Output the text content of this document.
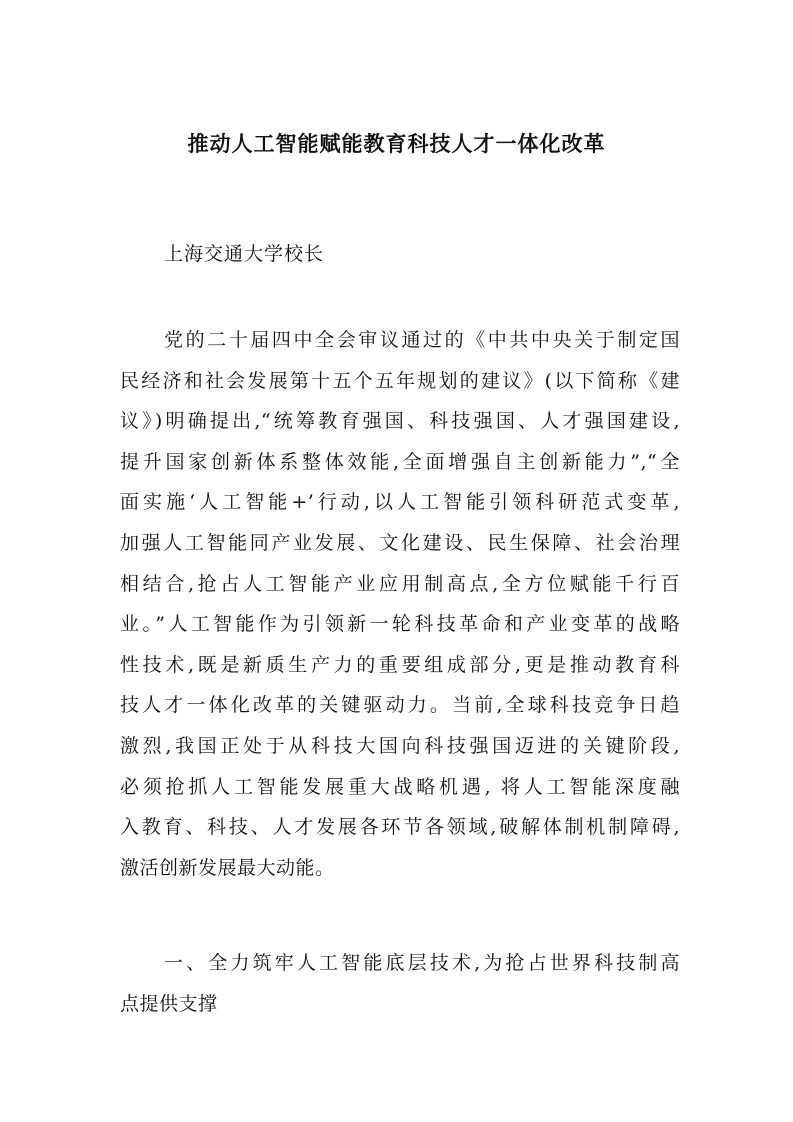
推动人工智能赋能教育科技人才一体化改革

上海交通大学校长

党的二十届四中全会审议通过的《中共中央关于制定国
民经济和社会发展第十五个五年规划的建议》(以下简称《建
议》)明确提出,“统筹教育强国、科技强国、人才强国建设,
提升国家创新体系整体效能,全面增强自主创新能力”,“全
面实施‘人工智能+’行动,以人工智能引领科研范式变革,
加强人工智能同产业发展、文化建设、民生保障、社会治理
相结合,抢占人工智能产业应用制高点,全方位赋能千行百
业。”人工智能作为引领新一轮科技革命和产业变革的战略
性技术,既是新质生产力的重要组成部分,更是推动教育科
技人才一体化改革的关键驱动力。当前,全球科技竞争日趋
激烈,我国正处于从科技大国向科技强国迈进的关键阶段,
必须抢抓人工智能发展重大战略机遇, 将人工智能深度融
入教育、科技、人才发展各环节各领域,破解体制机制障碍,
激活创新发展最大动能。
一、全力筑牢人工智能底层技术,为抢占世界科技制高
点提供支撑
